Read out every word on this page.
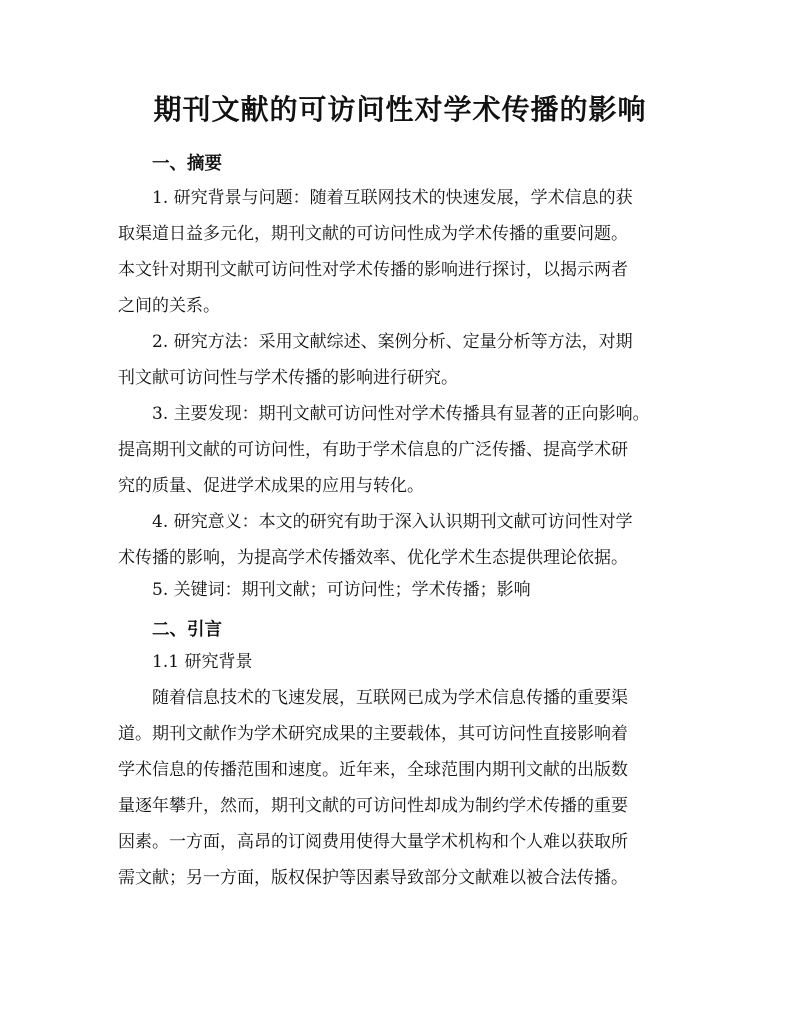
期刊文献的可访问性对学术传播的影响
一、摘要
1. 研究背景与问题：随着互联网技术的快速发展，学术信息的获
取渠道日益多元化，期刊文献的可访问性成为学术传播的重要问题。
本文针对期刊文献可访问性对学术传播的影响进行探讨，以揭示两者
之间的关系。
2. 研究方法：采用文献综述、案例分析、定量分析等方法，对期
刊文献可访问性与学术传播的影响进行研究。
3. 主要发现：期刊文献可访问性对学术传播具有显著的正向影响。
提高期刊文献的可访问性，有助于学术信息的广泛传播、提高学术研
究的质量、促进学术成果的应用与转化。
4. 研究意义：本文的研究有助于深入认识期刊文献可访问性对学
术传播的影响，为提高学术传播效率、优化学术生态提供理论依据。
5. 关键词：期刊文献；可访问性；学术传播；影响
二、引言
1.1 研究背景
随着信息技术的飞速发展，互联网已成为学术信息传播的重要渠
道。期刊文献作为学术研究成果的主要载体，其可访问性直接影响着
学术信息的传播范围和速度。近年来，全球范围内期刊文献的出版数
量逐年攀升，然而，期刊文献的可访问性却成为制约学术传播的重要
因素。一方面，高昂的订阅费用使得大量学术机构和个人难以获取所
需文献；另一方面，版权保护等因素导致部分文献难以被合法传播。
